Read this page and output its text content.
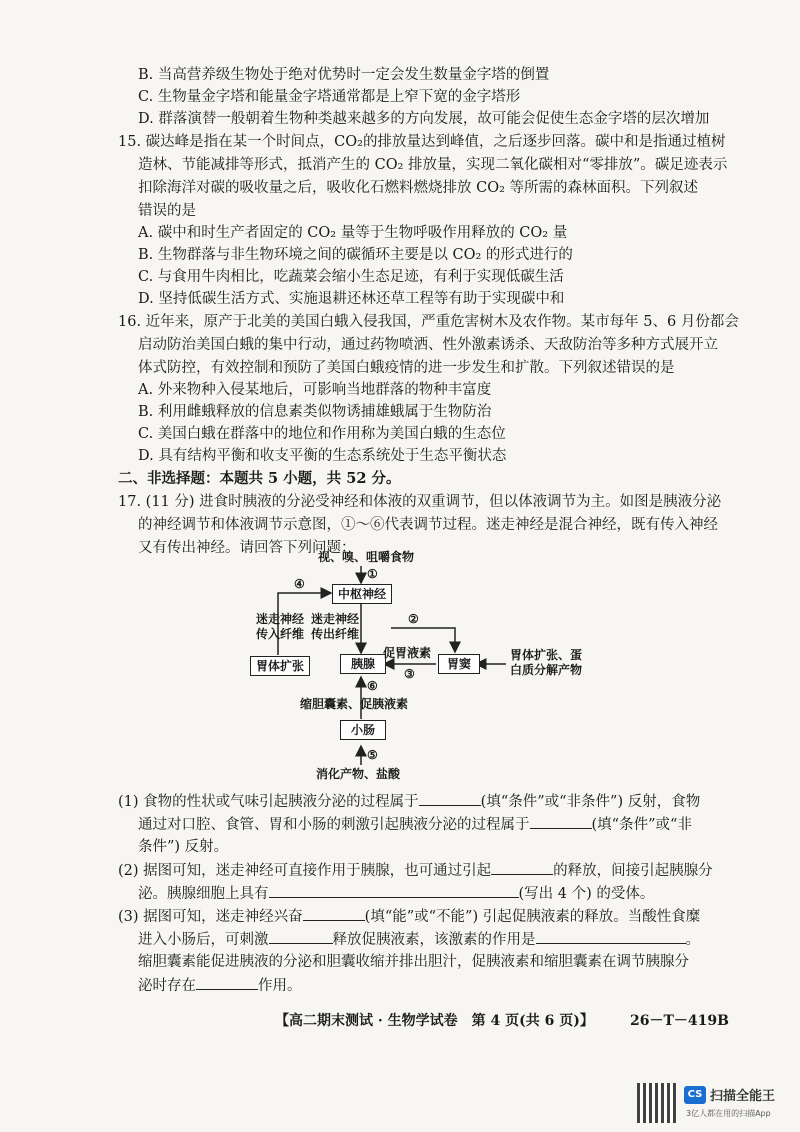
B. 当高营养级生物处于绝对优势时一定会发生数量金字塔的倒置
C. 生物量金字塔和能量金字塔通常都是上窄下宽的金字塔形
D. 群落演替一般朝着生物种类越来越多的方向发展，故可能会促使生态金字塔的层次增加
15. 碳达峰是指在某一个时间点，CO₂的排放量达到峰值，之后逐步回落。碳中和是指通过植树
造林、节能减排等形式，抵消产生的 CO₂ 排放量，实现二氧化碳相对“零排放”。碳足迹表示
扣除海洋对碳的吸收量之后，吸收化石燃料燃烧排放 CO₂ 等所需的森林面积。下列叙述
错误的是
A. 碳中和时生产者固定的 CO₂ 量等于生物呼吸作用释放的 CO₂ 量
B. 生物群落与非生物环境之间的碳循环主要是以 CO₂ 的形式进行的
C. 与食用牛肉相比，吃蔬菜会缩小生态足迹，有利于实现低碳生活
D. 坚持低碳生活方式、实施退耕还林还草工程等有助于实现碳中和
16. 近年来，原产于北美的美国白蛾入侵我国，严重危害树木及农作物。某市每年 5、6 月份都会
启动防治美国白蛾的集中行动，通过药物喷洒、性外激素诱杀、天敌防治等多种方式展开立
体式防控，有效控制和预防了美国白蛾疫情的进一步发生和扩散。下列叙述错误的是
A. 外来物种入侵某地后，可影响当地群落的物种丰富度
B. 利用雌蛾释放的信息素类似物诱捕雄蛾属于生物防治
C. 美国白蛾在群落中的地位和作用称为美国白蛾的生态位
D. 具有结构平衡和收支平衡的生态系统处于生态平衡状态
二、非选择题：本题共 5 小题，共 52 分。
17. (11 分) 进食时胰液的分泌受神经和体液的双重调节，但以体液调节为主。如图是胰液分泌
的神经调节和体液调节示意图，①～⑥代表调节过程。迷走神经是混合神经，既有传入神经
又有传出神经。请回答下列问题：
视、嗅、咀嚼食物
①
④
中枢神经
迷走神经
传入纤维
迷走神经
传出纤维
②
胃体扩张	胰腺
促胃液素
③
胃窦
胃体扩张、蛋
白质分解产物
⑥
缩胆囊素、促胰液素
小肠
⑤
消化产物、盐酸
(1) 食物的性状或气味引起胰液分泌的过程属于	(填“条件”或“非条件”) 反射，食物
通过对口腔、食管、胃和小肠的刺激引起胰液分泌的过程属于	(填“条件”或“非
条件”) 反射。
(2) 据图可知，迷走神经可直接作用于胰腺，也可通过引起	的释放，间接引起胰腺分
泌。胰腺细胞上具有	(写出 4 个) 的受体。
(3) 据图可知，迷走神经兴奋	(填“能”或“不能”) 引起促胰液素的释放。当酸性食糜
进入小肠后，可刺激	释放促胰液素，该激素的作用是	。
缩胆囊素能促进胰液的分泌和胆囊收缩并排出胆汁，促胰液素和缩胆囊素在调节胰腺分
泌时存在	作用。
【高二期末测试 · 生物学试卷　第 4 页(共 6 页)】	26－T－419B
CS 扫描全能王
3亿人都在用的扫描App
